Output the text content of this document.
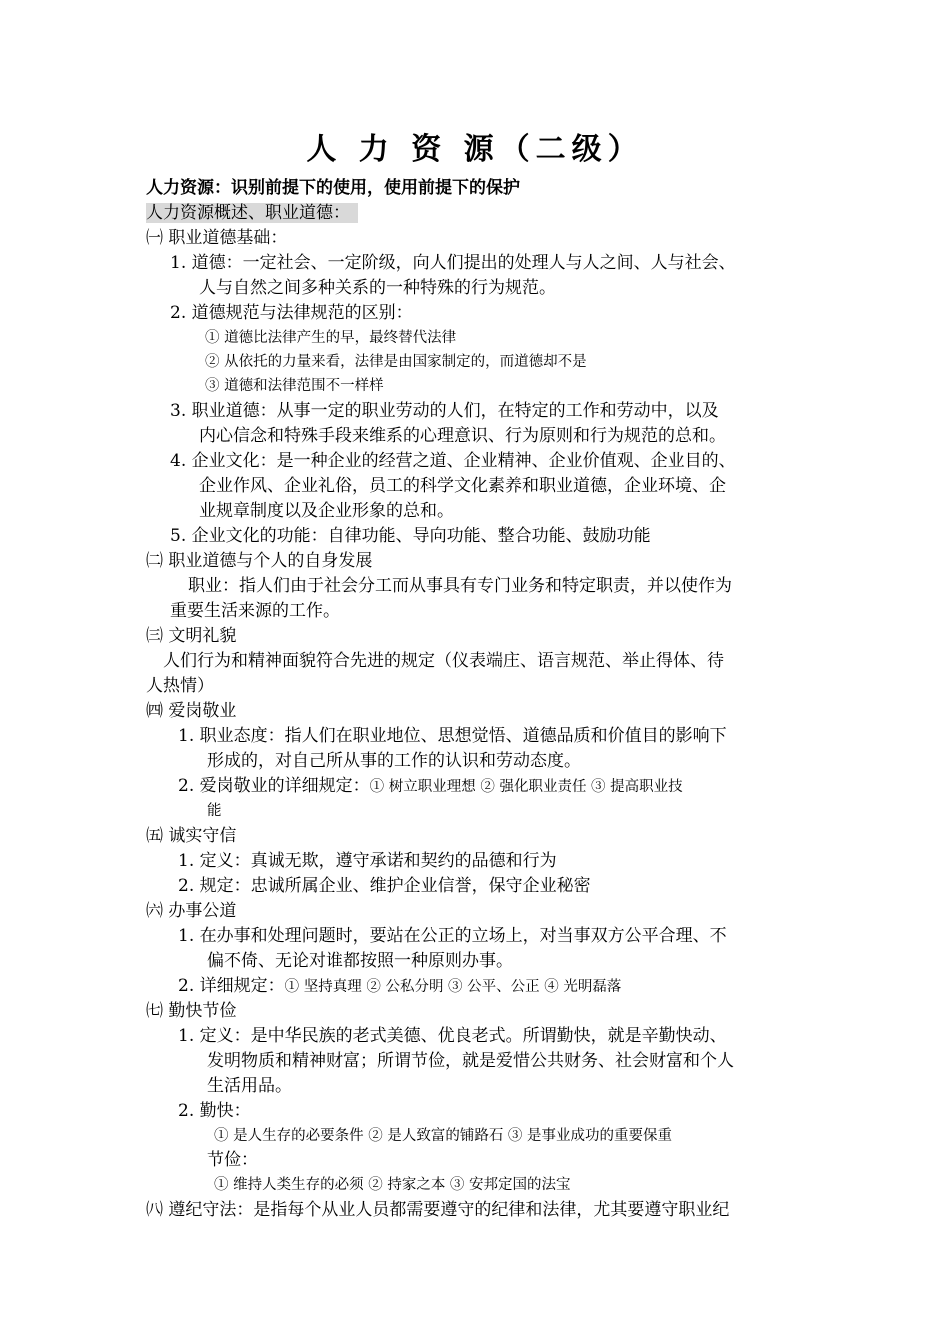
人 力 资 源（二级）
人力资源：识别前提下的使用，使用前提下的保护
人力资源概述、职业道德：
㈠ 职业道德基础：
1. 道德：一定社会、一定阶级，向人们提出的处理人与人之间、人与社会、
人与自然之间多种关系的一种特殊的行为规范。
2. 道德规范与法律规范的区别：
① 道德比法律产生的早，最终替代法律
② 从依托的力量来看，法律是由国家制定的，而道德却不是
③ 道德和法律范围不一样样
3. 职业道德：从事一定的职业劳动的人们，在特定的工作和劳动中，以及
内心信念和特殊手段来维系的心理意识、行为原则和行为规范的总和。
4. 企业文化：是一种企业的经营之道、企业精神、企业价值观、企业目的、
企业作风、企业礼俗，员工的科学文化素养和职业道德，企业环境、企
业规章制度以及企业形象的总和。
5. 企业文化的功能：自律功能、导向功能、整合功能、鼓励功能
㈡ 职业道德与个人的自身发展
职业：指人们由于社会分工而从事具有专门业务和特定职责，并以使作为
重要生活来源的工作。
㈢ 文明礼貌
人们行为和精神面貌符合先进的规定（仪表端庄、语言规范、举止得体、待
人热情）
㈣ 爱岗敬业
1. 职业态度：指人们在职业地位、思想觉悟、道德品质和价值目的影响下
形成的，对自己所从事的工作的认识和劳动态度。
2. 爱岗敬业的详细规定：① 树立职业理想 ② 强化职业责任 ③ 提高职业技
能
㈤ 诚实守信
1. 定义：真诚无欺，遵守承诺和契约的品德和行为
2. 规定：忠诚所属企业、维护企业信誉，保守企业秘密
㈥ 办事公道
1. 在办事和处理问题时，要站在公正的立场上，对当事双方公平合理、不
偏不倚、无论对谁都按照一种原则办事。
2. 详细规定：① 坚持真理 ② 公私分明 ③ 公平、公正 ④ 光明磊落
㈦ 勤快节俭
1. 定义：是中华民族的老式美德、优良老式。所谓勤快，就是辛勤快动、
发明物质和精神财富；所谓节俭，就是爱惜公共财务、社会财富和个人
生活用品。
2. 勤快：
① 是人生存的必要条件 ② 是人致富的铺路石 ③ 是事业成功的重要保重
节俭：
① 维持人类生存的必须 ② 持家之本 ③ 安邦定国的法宝
㈧ 遵纪守法：是指每个从业人员都需要遵守的纪律和法律，尤其要遵守职业纪
